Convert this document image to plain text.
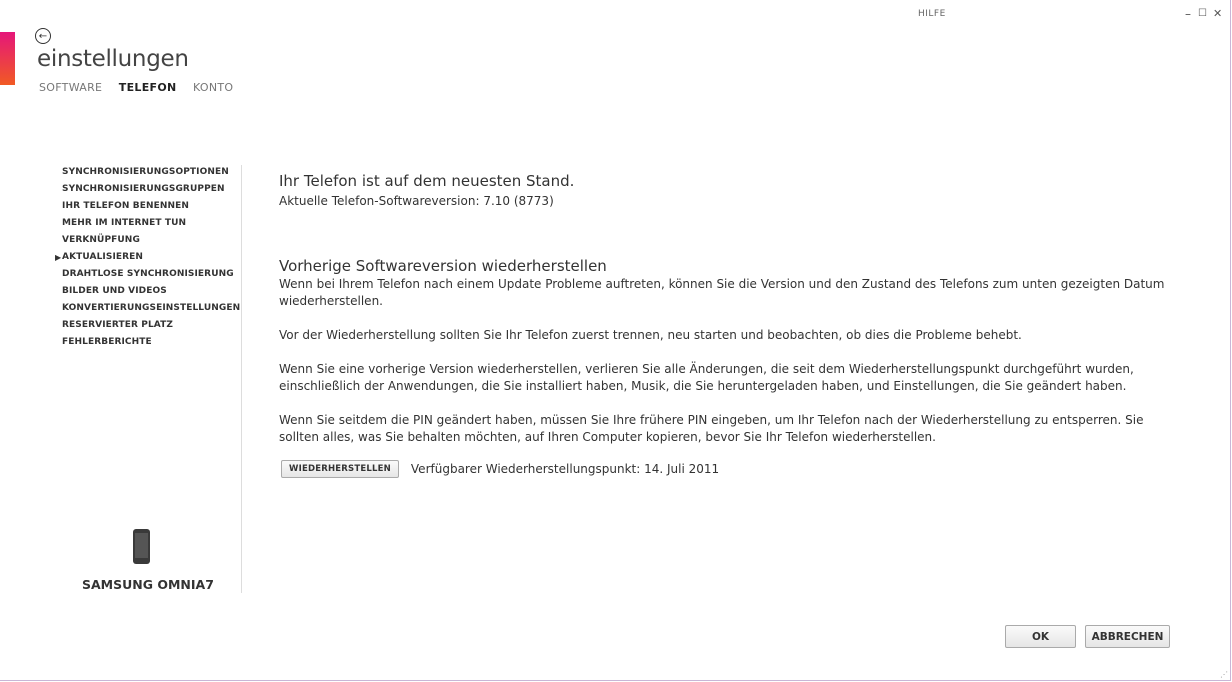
HILFE	– ☐ ✕
←
einstellungen
SOFTWARE TELEFON KONTO
SYNCHRONISIERUNGSOPTIONEN
SYNCHRONISIERUNGSGRUPPEN
IHR TELEFON BENENNEN
MEHR IM INTERNET TUN
VERKNÜPFUNG
▶ AKTUALISIEREN
DRAHTLOSE SYNCHRONISIERUNG
BILDER UND VIDEOS
KONVERTIERUNGSEINSTELLUNGEN
RESERVIERTER PLATZ
FEHLERBERICHTE
SAMSUNG OMNIA7

Ihr Telefon ist auf dem neuesten Stand.

Aktuelle Telefon-Softwareversion: 7.10 (8773)

Vorherige Softwareversion wiederherstellen

Wenn bei Ihrem Telefon nach einem Update Probleme auftreten, können Sie die Version und den Zustand des Telefons zum unten gezeigten Datum wiederherstellen.

Vor der Wiederherstellung sollten Sie Ihr Telefon zuerst trennen, neu starten und beobachten, ob dies die Probleme behebt.

Wenn Sie eine vorherige Version wiederherstellen, verlieren Sie alle Änderungen, die seit dem Wiederherstellungspunkt durchgeführt wurden, einschließlich der Anwendungen, die Sie installiert haben, Musik, die Sie heruntergeladen haben, und Einstellungen, die Sie geändert haben.

Wenn Sie seitdem die PIN geändert haben, müssen Sie Ihre frühere PIN eingeben, um Ihr Telefon nach der Wiederherstellung zu entsperren. Sie sollten alles, was Sie behalten möchten, auf Ihren Computer kopieren, bevor Sie Ihr Telefon wiederherstellen.

WIEDERHERSTELLEN	Verfügbarer Wiederherstellungspunkt: 14. Juli 2011
OK	ABBRECHEN
⋰
